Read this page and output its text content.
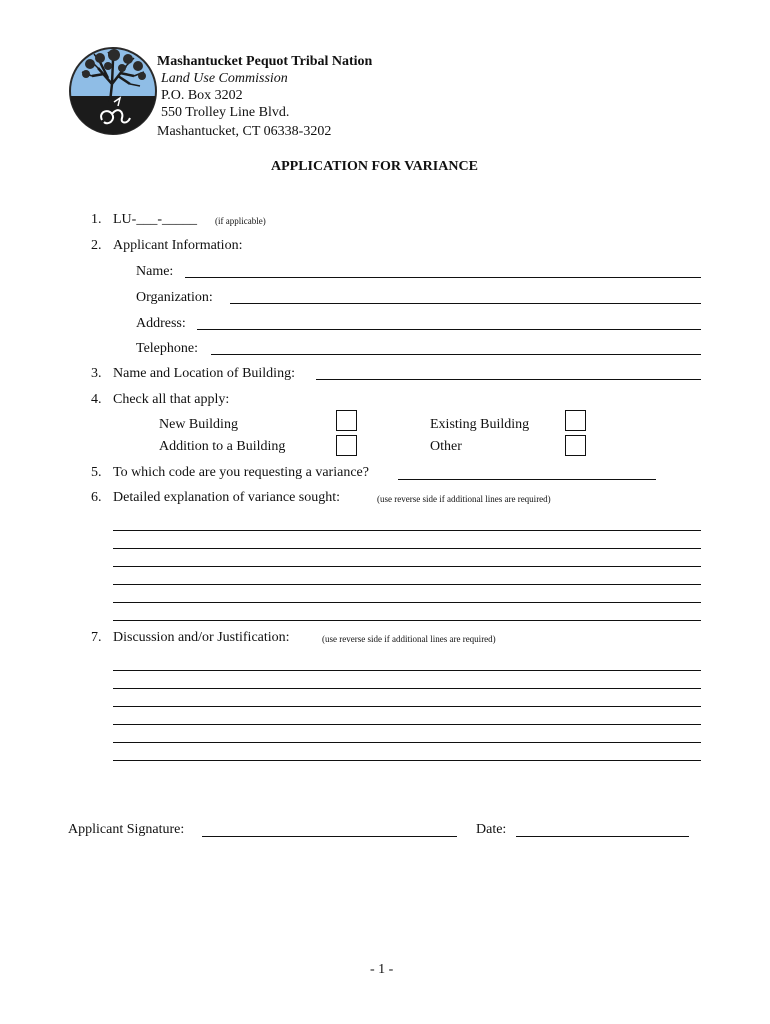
Mashantucket Pequot Tribal Nation
Land Use Commission
P.O. Box 3202
550 Trolley Line Blvd.
Mashantucket, CT 06338-3202
APPLICATION FOR VARIANCE
1. LU-___-_____ (if applicable)
2. Applicant Information:
Name:
Organization:
Address:
Telephone:
3. Name and Location of Building:
4. Check all that apply:
New Building	Existing Building
Addition to a Building	Other
5. To which code are you requesting a variance?
6. Detailed explanation of variance sought:	(use reverse side if additional lines are required)
7. Discussion and/or Justification:	(use reverse side if additional lines are required)
Applicant Signature:	Date:
- 1 -
